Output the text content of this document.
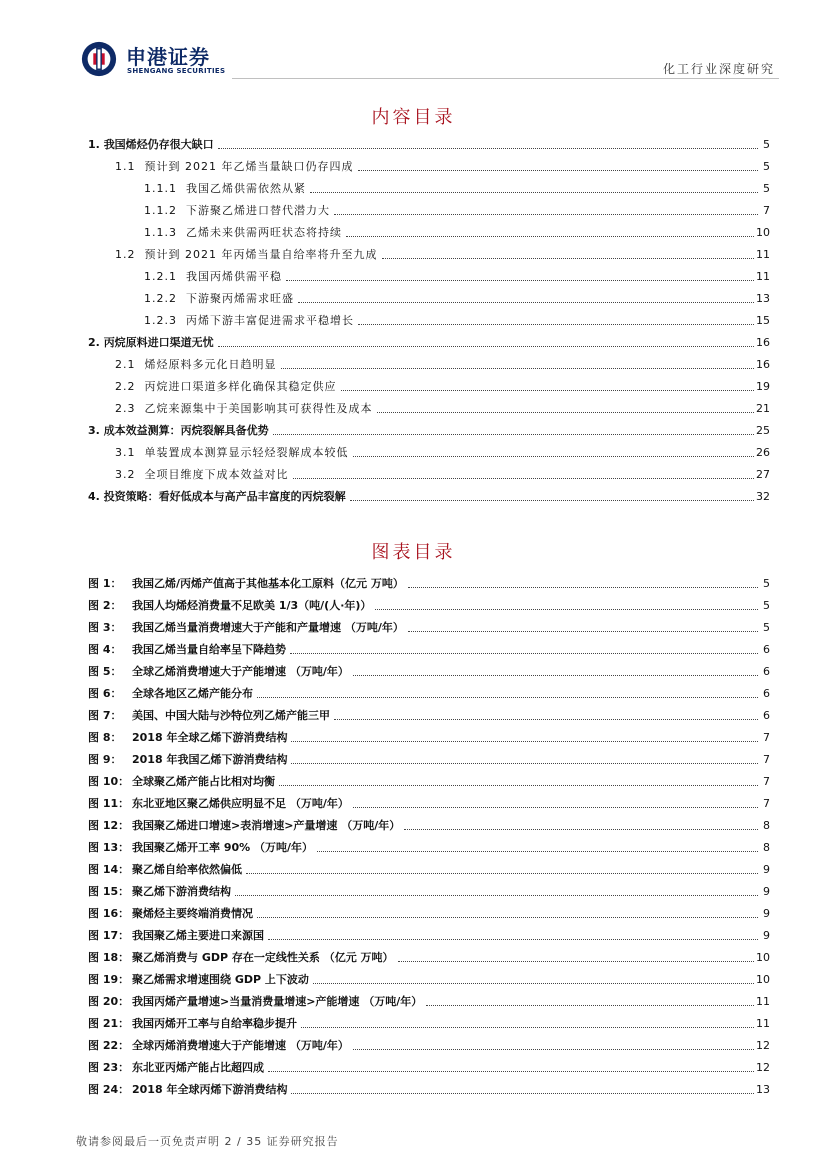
申港证券
SHENGANG SECURITIES	化工行业深度研究
内容目录
1. 我国烯烃仍存很大缺口	5
1.1 预计到 2021 年乙烯当量缺口仍存四成	5
1.1.1 我国乙烯供需依然从紧	5
1.1.2 下游聚乙烯进口替代潜力大	7
1.1.3 乙烯未来供需两旺状态将持续	10
1.2 预计到 2021 年丙烯当量自给率将升至九成	11
1.2.1 我国丙烯供需平稳	11
1.2.2 下游聚丙烯需求旺盛	13
1.2.3 丙烯下游丰富促进需求平稳增长	15
2. 丙烷原料进口渠道无忧	16
2.1 烯烃原料多元化日趋明显	16
2.2 丙烷进口渠道多样化确保其稳定供应	19
2.3 乙烷来源集中于美国影响其可获得性及成本	21
3. 成本效益测算：丙烷裂解具备优势	25
3.1 单装置成本测算显示轻烃裂解成本较低	26
3.2 全项目维度下成本效益对比	27
4. 投资策略：看好低成本与高产品丰富度的丙烷裂解	32
图表目录
图 1： 我国乙烯/丙烯产值高于其他基本化工原料（亿元 万吨）	5
图 2： 我国人均烯烃消费量不足欧美 1/3（吨/(人·年)）	5
图 3： 我国乙烯当量消费增速大于产能和产量增速 （万吨/年）	5
图 4： 我国乙烯当量自给率呈下降趋势	6
图 5： 全球乙烯消费增速大于产能增速 （万吨/年）	6
图 6： 全球各地区乙烯产能分布	6
图 7： 美国、中国大陆与沙特位列乙烯产能三甲	6
图 8： 2018 年全球乙烯下游消费结构	7
图 9： 2018 年我国乙烯下游消费结构	7
图 10： 全球聚乙烯产能占比相对均衡	7
图 11： 东北亚地区聚乙烯供应明显不足 （万吨/年）	7
图 12： 我国聚乙烯进口增速>表消增速>产量增速 （万吨/年）	8
图 13： 我国聚乙烯开工率 90% （万吨/年）	8
图 14： 聚乙烯自给率依然偏低	9
图 15： 聚乙烯下游消费结构	9
图 16： 聚烯烃主要终端消费情况	9
图 17： 我国聚乙烯主要进口来源国	9
图 18： 聚乙烯消费与 GDP 存在一定线性关系 （亿元 万吨）	10
图 19： 聚乙烯需求增速围绕 GDP 上下波动	10
图 20： 我国丙烯产量增速>当量消费量增速>产能增速 （万吨/年）	11
图 21： 我国丙烯开工率与自给率稳步提升	11
图 22： 全球丙烯消费增速大于产能增速 （万吨/年）	12
图 23： 东北亚丙烯产能占比超四成	12
图 24： 2018 年全球丙烯下游消费结构	13
敬请参阅最后一页免责声明 2 / 35 证券研究报告
